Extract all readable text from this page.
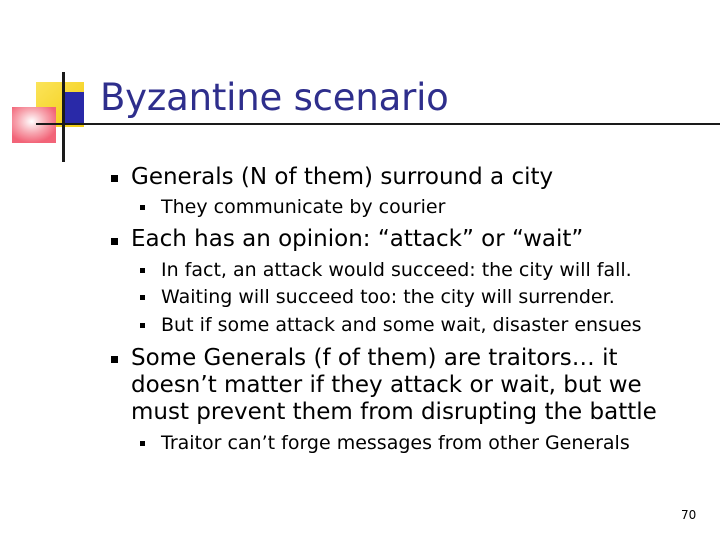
Byzantine scenario
Generals (N of them) surround a city
They communicate by courier
Each has an opinion: “attack” or “wait”
In fact, an attack would succeed: the city will fall.
Waiting will succeed too: the city will surrender.
But if some attack and some wait, disaster ensues
Some Generals (f of them) are traitors… it
doesn’t matter if they attack or wait, but we
must prevent them from disrupting the battle
Traitor can’t forge messages from other Generals
70
